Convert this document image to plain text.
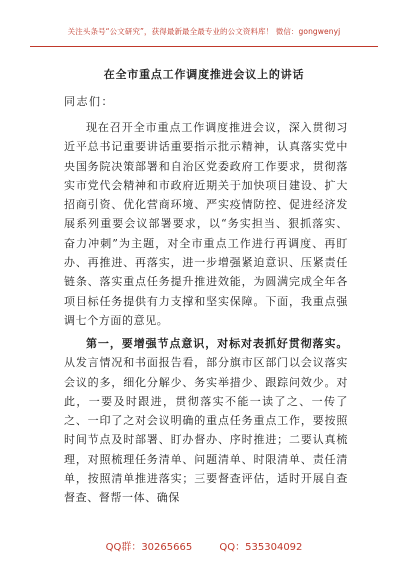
关注头条号“公文研究”，获得最新最全最专业的公文资料库！ 微信：gongwenyj
在全市重点工作调度推进会议上的讲话
同志们：
现在召开全市重点工作调度推进会议，深入贯彻习近平总书记重要讲话重要指示批示精神，认真落实党中央国务院决策部署和自治区党委政府工作要求，贯彻落实市党代会精神和市政府近期关于加快项目建设、扩大招商引资、优化营商环境、严实疫情防控、促进经济发展系列重要会议部署要求，以“务实担当、狠抓落实、奋力冲刺”为主题，对全市重点工作进行再调度、再盯办、再推进、再落实，进一步增强紧迫意识、压紧责任链条、落实重点任务提升推进效能，为圆满完成全年各项目标任务提供有力支撑和坚实保障。下面，我重点强调七个方面的意见。
第一，要增强节点意识，对标对表抓好贯彻落实。从发言情况和书面报告看，部分旗市区部门以会议落实会议的多，细化分解少、务实举措少、跟踪问效少。对此，一要及时跟进，贯彻落实不能一读了之、一传了之、一印了之对会议明确的重点任务重点工作，要按照时间节点及时部署、盯办督办、序时推进；二要认真梳理，对照梳理任务清单、问题清单、时限清单、责任清单，按照清单推进落实；三要督查评估，适时开展自查督查、督帮一体、确保
QQ群：30265665	QQ：535304092
